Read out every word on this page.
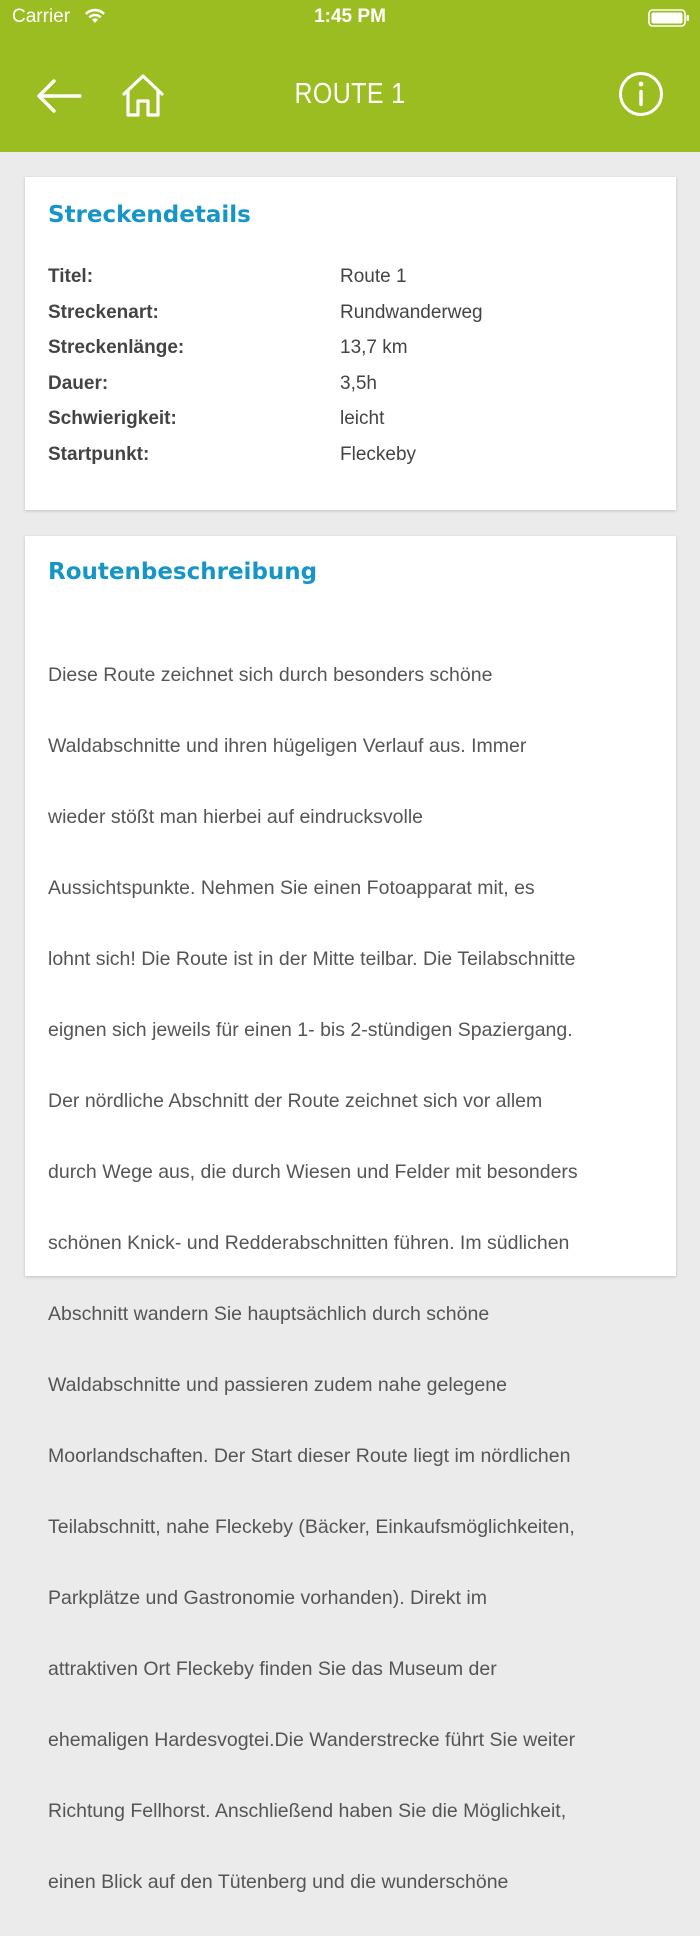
Carrier	1:45 PM
ROUTE 1
Streckendetails
Titel:	Route 1
Streckenart:	Rundwanderweg
Streckenlänge:	13,7 km
Dauer:	3,5h
Schwierigkeit:	leicht
Startpunkt:	Fleckeby
Routenbeschreibung

Diese Route zeichnet sich durch besonders schöne

Waldabschnitte und ihren hügeligen Verlauf aus. Immer

wieder stößt man hierbei auf eindrucksvolle

Aussichtspunkte. Nehmen Sie einen Fotoapparat mit, es

lohnt sich! Die Route ist in der Mitte teilbar. Die Teilabschnitte

eignen sich jeweils für einen 1- bis 2-stündigen Spaziergang.

Der nördliche Abschnitt der Route zeichnet sich vor allem

durch Wege aus, die durch Wiesen und Felder mit besonders

schönen Knick- und Redderabschnitten führen. Im südlichen

Abschnitt wandern Sie hauptsächlich durch schöne

Waldabschnitte und passieren zudem nahe gelegene

Moorlandschaften. Der Start dieser Route liegt im nördlichen

Teilabschnitt, nahe Fleckeby (Bäcker, Einkaufsmöglichkeiten,

Parkplätze und Gastronomie vorhanden). Direkt im

attraktiven Ort Fleckeby finden Sie das Museum der

ehemaligen Hardesvogtei.Die Wanderstrecke führt Sie weiter

Richtung Fellhorst. Anschließend haben Sie die Möglichkeit,

einen Blick auf den Tütenberg und die wunderschöne
